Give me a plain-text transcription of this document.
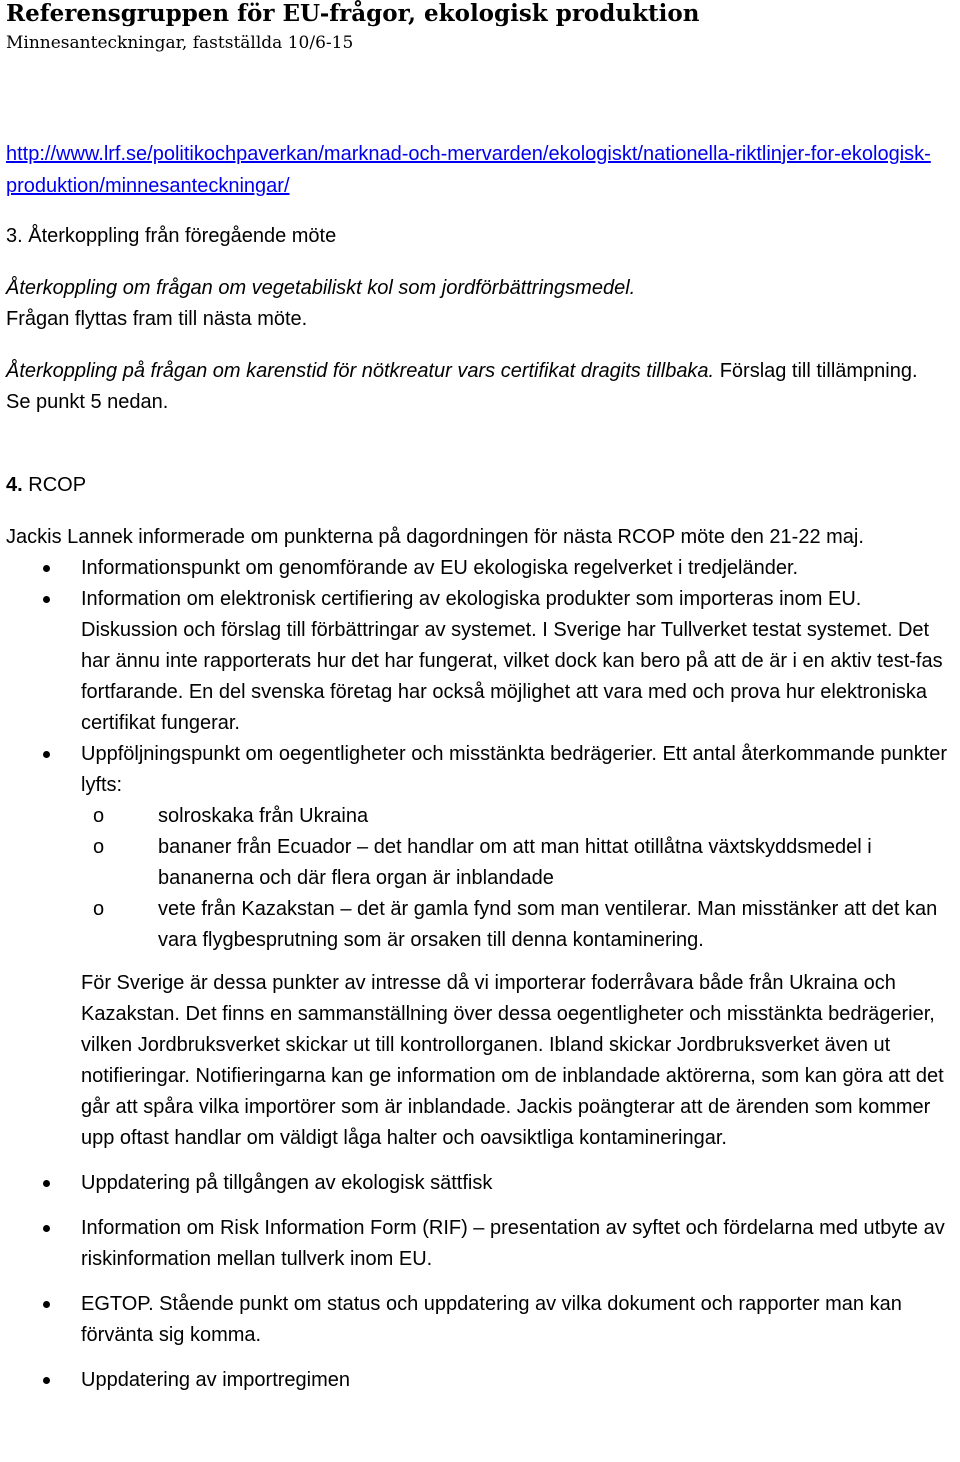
Referensgruppen för EU-frågor, ekologisk produktion

Minnesanteckningar, fastställda 10/6-15

http://www.lrf.se/politikochpaverkan/marknad-och-mervarden/ekologiskt/nationella-riktlinjer-for-ekologisk-produktion/minnesanteckningar/
3. Återkoppling från föregående möte
Återkoppling om frågan om vegetabiliskt kol som jordförbättringsmedel.
Frågan flyttas fram till nästa möte.
Återkoppling på frågan om karenstid för nötkreatur vars certifikat dragits tillbaka. Förslag till tillämpning.
Se punkt 5 nedan.
4. RCOP
Jackis Lannek informerade om punkterna på dagordningen för nästa RCOP möte den 21-22 maj.
Informationspunkt om genomförande av EU ekologiska regelverket i tredjeländer.
Information om elektronisk certifiering av ekologiska produkter som importeras inom EU. Diskussion och förslag till förbättringar av systemet. I Sverige har Tullverket testat systemet. Det har ännu inte rapporterats hur det har fungerat, vilket dock kan bero på att de är i en aktiv test-fas fortfarande. En del svenska företag har också möjlighet att vara med och prova hur elektroniska certifikat fungerar.
Uppföljningspunkt om oegentligheter och misstänkta bedrägerier. Ett antal återkommande punkter lyfts:
o	solroskaka från Ukraina
o	bananer från Ecuador – det handlar om att man hittat otillåtna växtskyddsmedel i bananerna och där flera organ är inblandade
o	vete från Kazakstan – det är gamla fynd som man ventilerar. Man misstänker att det kan vara flygbesprutning som är orsaken till denna kontaminering.
För Sverige är dessa punkter av intresse då vi importerar foderråvara både från Ukraina och Kazakstan. Det finns en sammanställning över dessa oegentligheter och misstänkta bedrägerier, vilken Jordbruksverket skickar ut till kontrollorganen. Ibland skickar Jordbruksverket även ut notifieringar. Notifieringarna kan ge information om de inblandade aktörerna, som kan göra att det går att spåra vilka importörer som är inblandade. Jackis poängterar att de ärenden som kommer upp oftast handlar om väldigt låga halter och oavsiktliga kontamineringar.
Uppdatering på tillgången av ekologisk sättfisk
Information om Risk Information Form (RIF) – presentation av syftet och fördelarna med utbyte av riskinformation mellan tullverk inom EU.
EGTOP. Stående punkt om status och uppdatering av vilka dokument och rapporter man kan förvänta sig komma.
Uppdatering av importregimen
